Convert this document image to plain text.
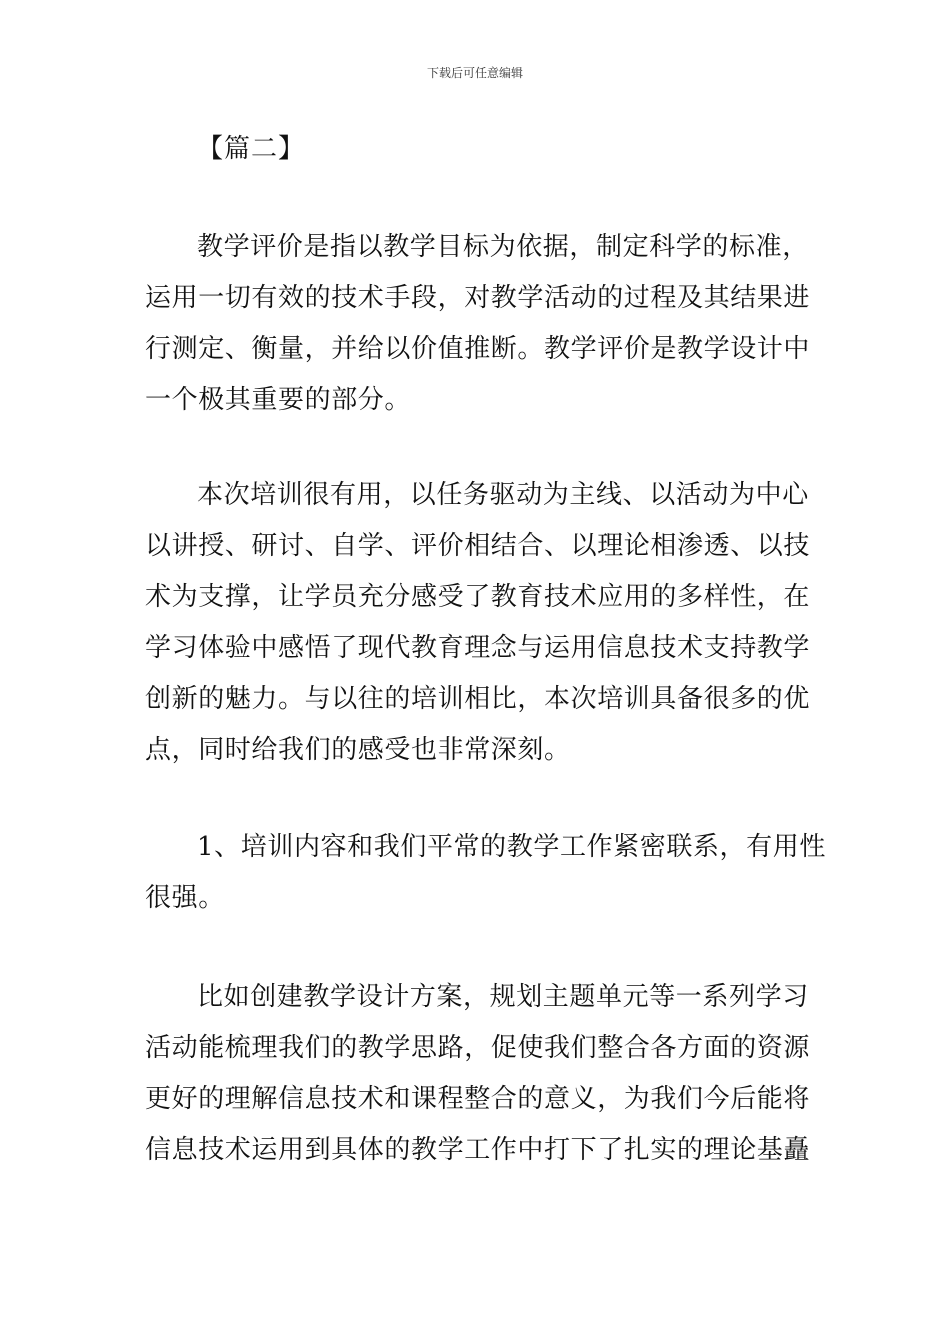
下载后可任意编辑
【篇二】
教学评价是指以教学目标为依据，制定科学的标准，
运用一切有效的技术手段，对教学活动的过程及其结果进
行测定、衡量，并给以价值推断。教学评价是教学设计中
一个极其重要的部分。
本次培训很有用，以任务驱动为主线、以活动为中心
以讲授、研讨、自学、评价相结合、以理论相渗透、以技
术为支撑，让学员充分感受了教育技术应用的多样性，在
学习体验中感悟了现代教育理念与运用信息技术支持教学
创新的魅力。与以往的培训相比，本次培训具备很多的优
点，同时给我们的感受也非常深刻。
1、培训内容和我们平常的教学工作紧密联系，有用性
很强。
比如创建教学设计方案，规划主题单元等一系列学习
活动能梳理我们的教学思路，促使我们整合各方面的资源
更好的理解信息技术和课程整合的意义，为我们今后能将
信息技术运用到具体的教学工作中打下了扎实的理论基矗
